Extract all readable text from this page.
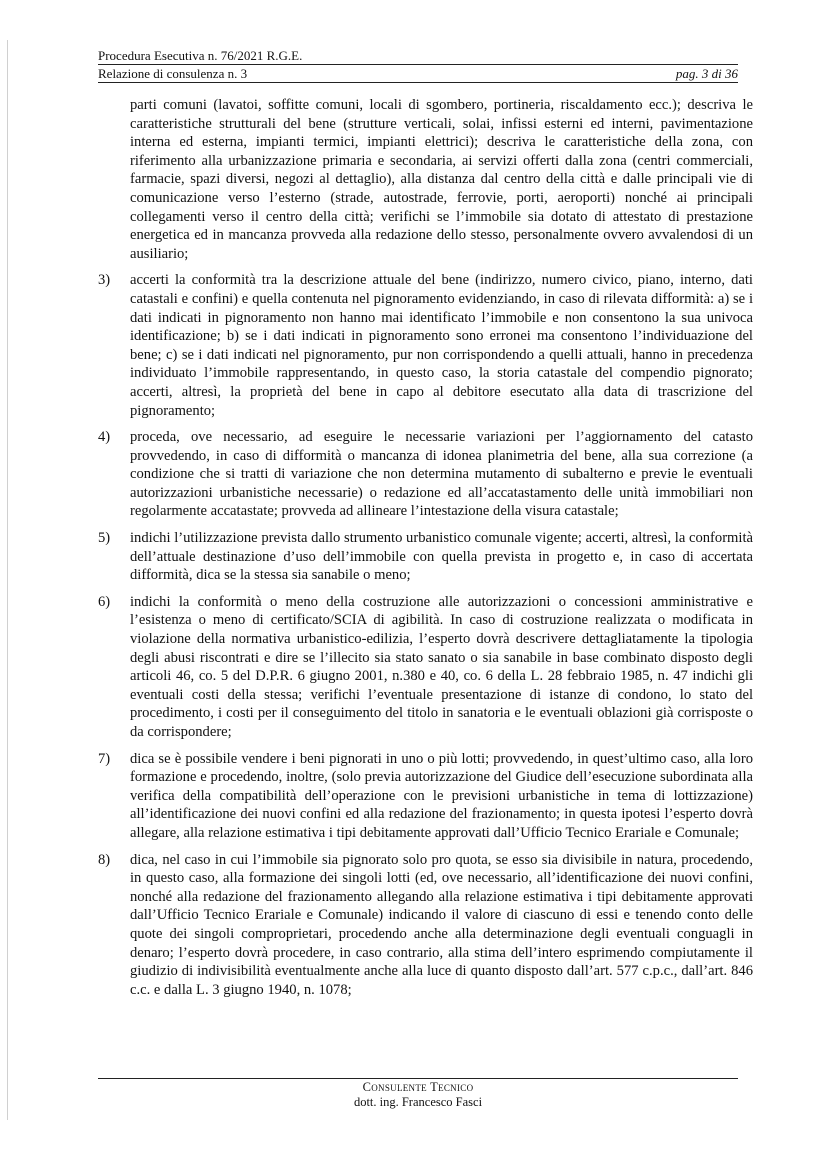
Procedura Esecutiva n. 76/2021 R.G.E.
Relazione di consulenza n. 3	pag. 3 di 36

parti comuni (lavatoi, soffitte comuni, locali di sgombero, portineria, riscaldamento ecc.); descriva le caratteristiche strutturali del bene (strutture verticali, solai, infissi esterni ed interni, pavimentazione interna ed esterna, impianti termici, impianti elettrici); descriva le caratteristiche della zona, con riferimento alla urbanizzazione primaria e secondaria, ai servizi offerti dalla zona (centri commerciali, farmacie, spazi diversi, negozi al dettaglio), alla distanza dal centro della città e dalle principali vie di comunicazione verso l’esterno (strade, autostrade, ferrovie, porti, aeroporti) nonché ai principali collegamenti verso il centro della città; verifichi se l’immobile sia dotato di attestato di prestazione energetica ed in mancanza provveda alla redazione dello stesso, personalmente ovvero avvalendosi di un ausiliario;

3)	accerti la conformità tra la descrizione attuale del bene (indirizzo, numero civico, piano, interno, dati catastali e confini) e quella contenuta nel pignoramento evidenziando, in caso di rilevata difformità: a) se i dati indicati in pignoramento non hanno mai identificato l’immobile e non consentono la sua univoca identificazione; b) se i dati indicati in pignoramento sono erronei ma consentono l’individuazione del bene; c) se i dati indicati nel pignoramento, pur non corrispondendo a quelli attuali, hanno in precedenza individuato l’immobile rappresentando, in questo caso, la storia catastale del compendio pignorato; accerti, altresì, la proprietà del bene in capo al debitore esecutato alla data di trascrizione del pignoramento;

4)	proceda, ove necessario, ad eseguire le necessarie variazioni per l’aggiornamento del catasto provvedendo, in caso di difformità o mancanza di idonea planimetria del bene, alla sua correzione (a condizione che si tratti di variazione che non determina mutamento di subalterno e previe le eventuali autorizzazioni urbanistiche necessarie) o redazione ed all’accatastamento delle unità immobiliari non regolarmente accatastate; provveda ad allineare l’intestazione della visura catastale;

5)	indichi l’utilizzazione prevista dallo strumento urbanistico comunale vigente; accerti, altresì, la conformità dell’attuale destinazione d’uso dell’immobile con quella prevista in progetto e, in caso di accertata difformità, dica se la stessa sia sanabile o meno;

6)	indichi la conformità o meno della costruzione alle autorizzazioni o concessioni amministrative e l’esistenza o meno di certificato/SCIA di agibilità. In caso di costruzione realizzata o modificata in violazione della normativa urbanistico-edilizia, l’esperto dovrà descrivere dettagliatamente la tipologia degli abusi riscontrati e dire se l’illecito sia stato sanato o sia sanabile in base combinato disposto degli articoli 46, co. 5 del D.P.R. 6 giugno 2001, n.380 e 40, co. 6 della L. 28 febbraio 1985, n. 47 indichi gli eventuali costi della stessa; verifichi l’eventuale presentazione di istanze di condono, lo stato del procedimento, i costi per il conseguimento del titolo in sanatoria e le eventuali oblazioni già corrisposte o da corrispondere;

7)	dica se è possibile vendere i beni pignorati in uno o più lotti; provvedendo, in quest’ultimo caso, alla loro formazione e procedendo, inoltre, (solo previa autorizzazione del Giudice dell’esecuzione subordinata alla verifica della compatibilità dell’operazione con le previsioni urbanistiche in tema di lottizzazione) all’identificazione dei nuovi confini ed alla redazione del frazionamento; in questa ipotesi l’esperto dovrà allegare, alla relazione estimativa i tipi debitamente approvati dall’Ufficio Tecnico Erariale e Comunale;

8)	dica, nel caso in cui l’immobile sia pignorato solo pro quota, se esso sia divisibile in natura, procedendo, in questo caso, alla formazione dei singoli lotti (ed, ove necessario, all’identificazione dei nuovi confini, nonché alla redazione del frazionamento allegando alla relazione estimativa i tipi debitamente approvati dall’Ufficio Tecnico Erariale e Comunale) indicando il valore di ciascuno di essi e tenendo conto delle quote dei singoli comproprietari, procedendo anche alla determinazione degli eventuali conguagli in denaro; l’esperto dovrà procedere, in caso contrario, alla stima dell’intero esprimendo compiutamente il giudizio di indivisibilità eventualmente anche alla luce di quanto disposto dall’art. 577 c.p.c., dall’art. 846 c.c. e dalla L. 3 giugno 1940, n. 1078;

Consulente Tecnico
dott. ing. Francesco Fasci
